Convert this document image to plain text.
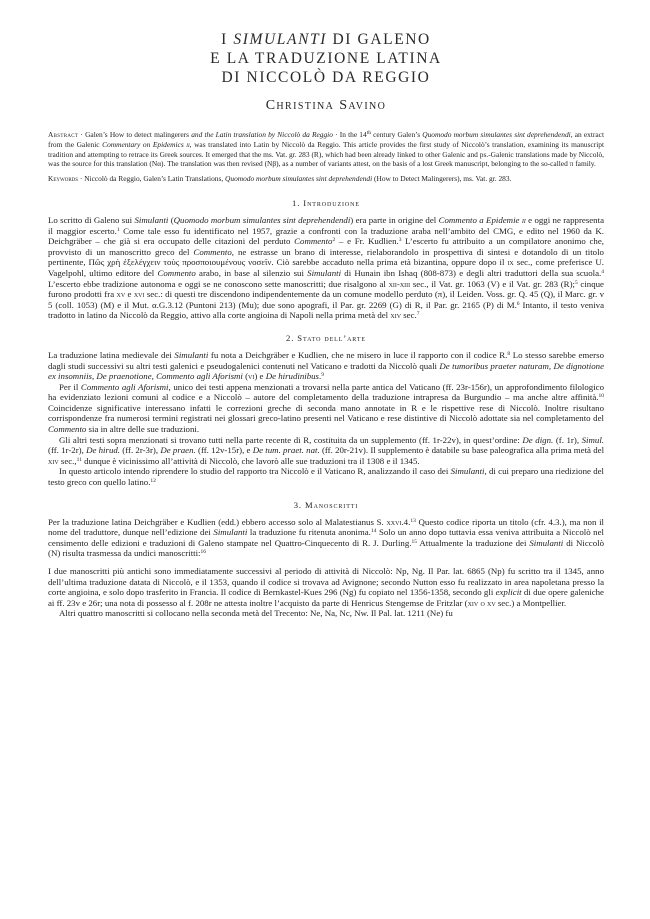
I SIMULANTI DI GALENO
E LA TRADUZIONE LATINA
DI NICCOLÒ DA REGGIO
Christina Savino
Abstract · Galen’s How to detect malingerers and the Latin translation by Niccolò da Reggio · In the 14th century Galen’s Quomodo morbum simulantes sint deprehendendi, an extract from the Galenic Commentary on Epidemics ii, was translated into Latin by Niccolò da Reggio. This article provides the first study of Niccolò’s translation, examining its manuscript tradition and attempting to retrace its Greek sources. It emerged that the ms. Vat. gr. 283 (R), which had been already linked to other Galenic and ps.-Galenic translations made by Niccolò, was the source for this translation (Nα). The translation was then revised (Nβ), as a number of variants attest, on the basis of a lost Greek manuscript, belonging to the so-called π family.
Keywords · Niccolò da Reggio, Galen’s Latin Translations, Quomodo morbum simulantes sint deprehendendi (How to Detect Malingerers), ms. Vat. gr. 283.
1. Introduzione

Lo scritto di Galeno sui Simulanti (Quomodo morbum simulantes sint deprehendendi) era parte in origine del Commento a Epidemie ii e oggi ne rappresenta il maggior escerto.$^1$ Come tale esso fu identificato nel 1957, grazie a confronti con la traduzione araba nell’ambito del CMG, e edito nel 1960 da K. Deichgräber – che già si era occupato delle citazioni del perduto Commento$^2$ – e Fr. Kudlien.$^3$ L’escerto fu attribuito a un compilatore anonimo che, provvisto di un manoscritto greco del Commento, ne estrasse un brano di interesse, rielaborandolo in prospettiva di sintesi e dotandolo di un titolo pertinente, Πῶς χρὴ ἐξελέγχειν τοὺς προσποιουμένους νοσεῖν. Ciò sarebbe accaduto nella prima età bizantina, oppure dopo il ix sec., come preferisce U. Vagelpohl, ultimo editore del Commento arabo, in base al silenzio sui Simulanti di Hunain ibn Ishaq (808-873) e degli altri traduttori della sua scuola.$^4$ L’escerto ebbe tradizione autonoma e oggi se ne conoscono sette manoscritti; due risalgono al xii-xiii sec., il Vat. gr. 1063 (V) e il Vat. gr. 283 (R);$^5$ cinque furono prodotti fra xv e xvi sec.: di questi tre discendono indipendentemente da un comune modello perduto (π), il Leiden. Voss. gr. Q. 45 (Q), il Marc. gr. v 5 (coll. 1053) (M) e il Mut. α.G.3.12 (Puntoni 213) (Mu); due sono apografi, il Par. gr. 2269 (G) di R, il Par. gr. 2165 (P) di M.$^6$ Intanto, il testo veniva tradotto in latino da Niccolò da Reggio, attivo alla corte angioina di Napoli nella prima metà del xiv sec.$^7$

2. Stato dell’arte

La traduzione latina medievale dei Simulanti fu nota a Deichgräber e Kudlien, che ne misero in luce il rapporto con il codice R.$^8$ Lo stesso sarebbe emerso dagli studi successivi su altri testi galenici e pseudogalenici contenuti nel Vaticano e tradotti da Niccolò quali De tumoribus praeter naturam, De dignotione ex insomniis, De praenotione, Commento agli Aforismi (vi) e De hirudinibus.$^9$

Per il Commento agli Aforismi, unico dei testi appena menzionati a trovarsi nella parte antica del Vaticano (ff. 23r-156r), un approfondimento filologico ha evidenziato lezioni comuni al codice e a Niccolò – autore del completamento della traduzione intrapresa da Burgundio – ma anche altre affinità.$^{10}$ Coincidenze significative interessano infatti le correzioni greche di seconda mano annotate in R e le rispettive rese di Niccolò. Inoltre risultano corrispondenze fra numerosi termini registrati nei glossari greco-latino presenti nel Vaticano e rese distintive di Niccolò adottate sia nel completamento del Commento sia in altre delle sue traduzioni.

Gli altri testi sopra menzionati si trovano tutti nella parte recente di R, costituita da un supplemento (ff. 1r-22v), in quest’ordine: De dign. (f. 1r), Simul. (ff. 1r-2r), De hirud. (ff. 2r-3r), De praen. (ff. 12v-15r), e De tum. praet. nat. (ff. 20r-21v). Il supplemento è databile su base paleografica alla prima metà del xiv sec.,$^{11}$ dunque è vicinissimo all’attività di Niccolò, che lavorò alle sue traduzioni tra il 1308 e il 1345.

In questo articolo intendo riprendere lo studio del rapporto tra Niccolò e il Vaticano R, analizzando il caso dei Simulanti, di cui preparo una riedizione del testo greco con quello latino.$^{12}$

3. Manoscritti

Per la traduzione latina Deichgräber e Kudlien (edd.) ebbero accesso solo al Malatestianus S. xxvi.4.13 Questo codice riporta un titolo (cfr. 4.3.), ma non il nome del traduttore, dunque nell’edizione dei Simulanti la traduzione fu ritenuta anonima.$^{14}$ Solo un anno dopo tuttavia essa veniva attribuita a Niccolò nel censimento delle edizioni e traduzioni di Galeno stampate nel Quattro-Cinquecento di R. J. Durling.$^{15}$ Attualmente la traduzione dei Simulanti di Niccolò (N) risulta trasmessa da undici manoscritti:$^{16}$

I due manoscritti più antichi sono immediatamente successivi al periodo di attività di Niccolò: Np, Ng. Il Par. lat. 6865 (Np) fu scritto tra il 1345, anno dell’ultima traduzione datata di Niccolò, e il 1353, quando il codice si trovava ad Avignone; secondo Nutton esso fu realizzato in area napoletana presso la corte angioina, e solo dopo trasferito in Francia. Il codice di Bernkastel-Kues 296 (Ng) fu copiato nel 1356-1358, secondo gli explicit di due opere galeniche ai ff. 23v e 26r; una nota di possesso al f. 208r ne attesta inoltre l’acquisto da parte di Henricus Stengemse de Fritzlar (xiv o xv sec.) a Montpellier.

Altri quattro manoscritti si collocano nella seconda metà del Trecento: Ne, Na, Nc, Nw. Il Pal. lat. 1211 (Ne) fu
